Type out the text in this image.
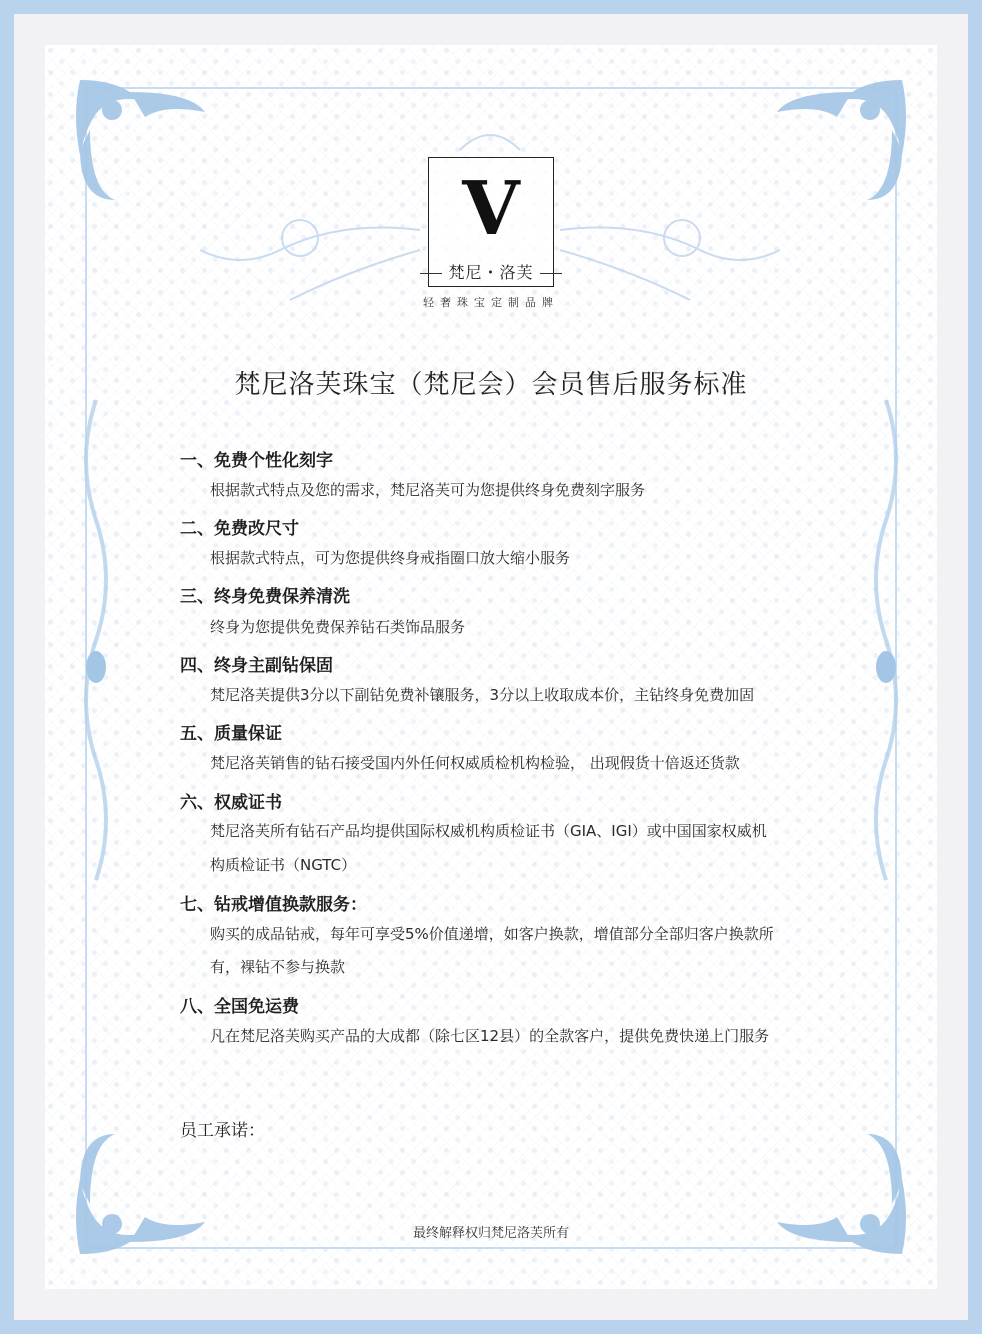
V
梵尼・洛芙
轻奢珠宝定制品牌
梵尼洛芙珠宝（梵尼会）会员售后服务标准
一、免费个性化刻字
根据款式特点及您的需求，梵尼洛芙可为您提供终身免费刻字服务
二、免费改尺寸
根据款式特点，可为您提供终身戒指圈口放大缩小服务
三、终身免费保养清洗
终身为您提供免费保养钻石类饰品服务
四、终身主副钻保固
梵尼洛芙提供3分以下副钻免费补镶服务，3分以上收取成本价，主钻终身免费加固
五、质量保证
梵尼洛芙销售的钻石接受国内外任何权威质检机构检验， 出现假货十倍返还货款
六、权威证书
梵尼洛芙所有钻石产品均提供国际权威机构质检证书（GIA、IGI）或中国国家权威机
构质检证书（NGTC）
七、钻戒增值换款服务：
购买的成品钻戒，每年可享受5%价值递增，如客户换款，增值部分全部归客户换款所
有，裸钻不参与换款
八、全国免运费
凡在梵尼洛芙购买产品的大成都（除七区12县）的全款客户，提供免费快递上门服务
员工承诺：
最终解释权归梵尼洛芙所有
